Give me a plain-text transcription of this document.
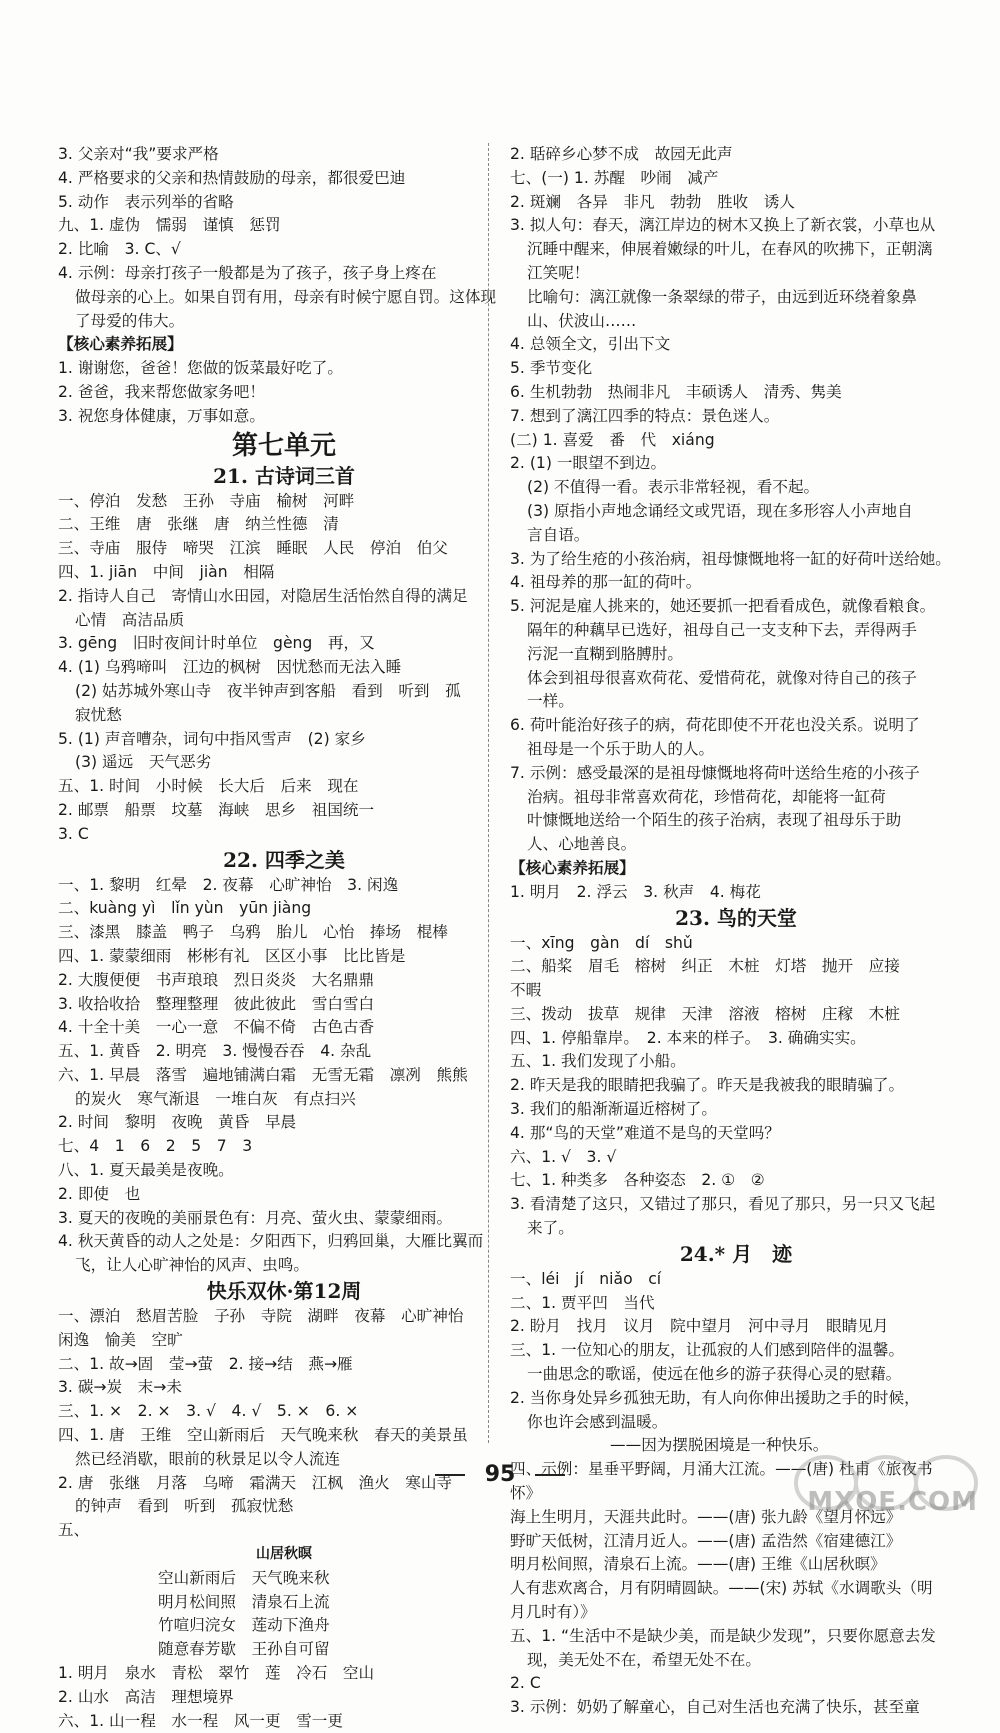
3. 父亲对“我”要求严格
4. 严格要求的父亲和热情鼓励的母亲，都很爱巴迪
5. 动作　表示列举的省略
九、1. 虚伪　懦弱　谨慎　惩罚
2. 比喻　3. C、√
4. 示例：母亲打孩子一般都是为了孩子，孩子身上疼在
做母亲的心上。如果自罚有用，母亲有时候宁愿自罚。这体现
了母爱的伟大。
【核心素养拓展】
1. 谢谢您，爸爸！您做的饭菜最好吃了。
2. 爸爸，我来帮您做家务吧！
3. 祝您身体健康，万事如意。
第七单元
21. 古诗词三首
一、停泊　发愁　王孙　寺庙　榆树　河畔
二、王维　唐　张继　唐　纳兰性德　清
三、寺庙　服侍　啼哭　江滨　睡眠　人民　停泊　伯父
四、1. jiān　中间　jiàn　相隔
2. 指诗人自己　寄情山水田园，对隐居生活怡然自得的满足
心情　高洁品质
3. gēng　旧时夜间计时单位　gèng　再，又
4. (1) 乌鸦啼叫　江边的枫树　因忧愁而无法入睡
(2) 姑苏城外寒山寺　夜半钟声到客船　看到　听到　孤
寂忧愁
5. (1) 声音嘈杂，词句中指风雪声　(2) 家乡
(3) 遥远　天气恶劣
五、1. 时间　小时候　长大后　后来　现在
2. 邮票　船票　坟墓　海峡　思乡　祖国统一
3. C
22. 四季之美
一、1. 黎明　红晕　2. 夜幕　心旷神怡　3. 闲逸
二、kuàng yì　lǐn yùn　yūn jiàng
三、漆黑　膝盖　鸭子　乌鸦　胎儿　心怡　捧场　棍棒
四、1. 蒙蒙细雨　彬彬有礼　区区小事　比比皆是
2. 大腹便便　书声琅琅　烈日炎炎　大名鼎鼎
3. 收拾收拾　整理整理　彼此彼此　雪白雪白
4. 十全十美　一心一意　不偏不倚　古色古香
五、1. 黄昏　2. 明亮　3. 慢慢吞吞　4. 杂乱
六、1. 早晨　落雪　遍地铺满白霜　无雪无霜　凛冽　熊熊
的炭火　寒气渐退　一堆白灰　有点扫兴
2. 时间　黎明　夜晚　黄昏　早晨
七、4　1　6　2　5　7　3
八、1. 夏天最美是夜晚。
2. 即使　也
3. 夏天的夜晚的美丽景色有：月亮、萤火虫、蒙蒙细雨。
4. 秋天黄昏的动人之处是：夕阳西下，归鸦回巢，大雁比翼而
飞，让人心旷神怡的风声、虫鸣。
快乐双休·第12周
一、漂泊　愁眉苦脸　子孙　寺院　湖畔　夜幕　心旷神怡
闲逸　愉美　空旷
二、1. 故→固　莹→萤　2. 接→结　燕→雁
3. 碳→炭　末→未
三、1. ×　2. ×　3. √　4. √　5. ×　6. ×
四、1. 唐　王维　空山新雨后　天气晚来秋　春天的美景虽
然已经消歇，眼前的秋景足以令人流连
2. 唐　张继　月落　乌啼　霜满天　江枫　渔火　寒山寺
的钟声　看到　听到　孤寂忧愁
五、
山居秋暝
空山新雨后　天气晚来秋
明月松间照　清泉石上流
竹喧归浣女　莲动下渔舟
随意春芳歇　王孙自可留
1. 明月　泉水　青松　翠竹　莲　冷石　空山
2. 山水　高洁　理想境界
六、1. 山一程　水一程　风一更　雪一更
2. 聒碎乡心梦不成　故园无此声
七、(一) 1. 苏醒　吵闹　减产
2. 斑斓　各异　非凡　勃勃　胜收　诱人
3. 拟人句：春天，漓江岸边的树木又换上了新衣裳，小草也从
沉睡中醒来，伸展着嫩绿的叶儿，在春风的吹拂下，正朝漓
江笑呢！
比喻句：漓江就像一条翠绿的带子，由远到近环绕着象鼻
山、伏波山……
4. 总领全文，引出下文
5. 季节变化
6. 生机勃勃　热闹非凡　丰硕诱人　清秀、隽美
7. 想到了漓江四季的特点：景色迷人。
(二) 1. 喜爱　番　代　xiáng
2. (1) 一眼望不到边。
(2) 不值得一看。表示非常轻视，看不起。
(3) 原指小声地念诵经文或咒语，现在多形容人小声地自
言自语。
3. 为了给生疮的小孩治病，祖母慷慨地将一缸的好荷叶送给她。
4. 祖母养的那一缸的荷叶。
5. 河泥是雇人挑来的，她还要抓一把看看成色，就像看粮食。
隔年的种藕早已选好，祖母自己一支支种下去，弄得两手
污泥一直糊到胳膊肘。
体会到祖母很喜欢荷花、爱惜荷花，就像对待自己的孩子
一样。
6. 荷叶能治好孩子的病，荷花即使不开花也没关系。说明了
祖母是一个乐于助人的人。
7. 示例：感受最深的是祖母慷慨地将荷叶送给生疮的小孩子
治病。祖母非常喜欢荷花，珍惜荷花，却能将一缸荷
叶慷慨地送给一个陌生的孩子治病，表现了祖母乐于助
人、心地善良。
【核心素养拓展】
1. 明月　2. 浮云　3. 秋声　4. 梅花
23. 鸟的天堂
一、xīng　gàn　dí　shǔ
二、船桨　眉毛　榕树　纠正　木桩　灯塔　抛开　应接
不暇
三、拨动　拔草　规律　天津　溶液　榕树　庄稼　木桩
四、1. 停船靠岸。　2. 本来的样子。　3. 确确实实。
五、1. 我们发现了小船。
2. 昨天是我的眼睛把我骗了。昨天是我被我的眼睛骗了。
3. 我们的船渐渐逼近榕树了。
4. 那“鸟的天堂”难道不是鸟的天堂吗？
六、1. √　3. √
七、1. 种类多　各种姿态　2. ①　②
3. 看清楚了这只，又错过了那只，看见了那只，另一只又飞起
来了。
24.* 月　迹
一、léi　jí　niǎo　cí
二、1. 贾平凹　当代
2. 盼月　找月　议月　院中望月　河中寻月　眼睛见月
三、1. 一位知心的朋友，让孤寂的人们感到陪伴的温馨。
一曲思念的歌谣，使远在他乡的游子获得心灵的慰藉。
2. 当你身处异乡孤独无助，有人向你伸出援助之手的时候，
你也许会感到温暖。
——因为摆脱困境是一种快乐。
四、示例：星垂平野阔，月涌大江流。——(唐) 杜甫《旅夜书
怀》
海上生明月，天涯共此时。——(唐) 张九龄《望月怀远》
野旷天低树，江清月近人。——(唐) 孟浩然《宿建德江》
明月松间照，清泉石上流。——(唐) 王维《山居秋暝》
人有悲欢离合，月有阴晴圆缺。——(宋) 苏轼《水调歌头（明
月几时有）》
五、1. “生活中不是缺少美，而是缺少发现”，只要你愿意去发
现，美无处不在，希望无处不在。
2. C
3. 示例：奶奶了解童心，自己对生活也充满了快乐，甚至童
95
MXQE.COM
